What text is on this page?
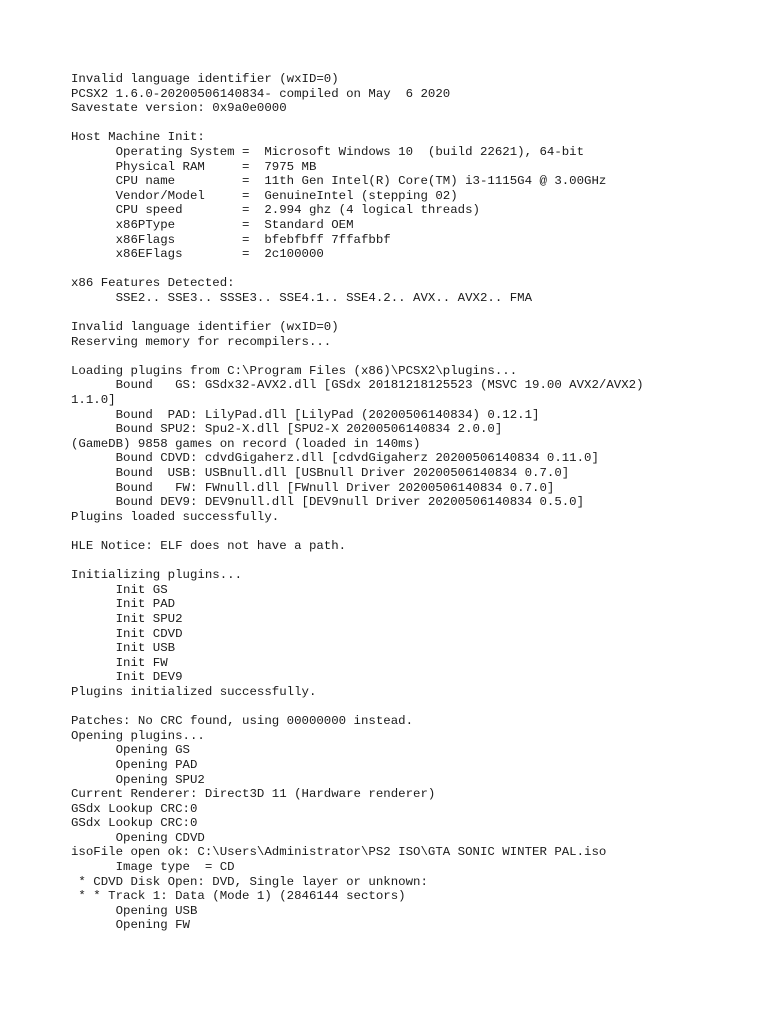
Invalid language identifier (wxID=0)
PCSX2 1.6.0-20200506140834- compiled on May  6 2020
Savestate version: 0x9a0e0000
Host Machine Init:
Operating System =  Microsoft Windows 10  (build 22621), 64-bit
Physical RAM     =  7975 MB
CPU name         =  11th Gen Intel(R) Core(TM) i3-1115G4 @ 3.00GHz
Vendor/Model     =  GenuineIntel (stepping 02)
CPU speed        =  2.994 ghz (4 logical threads)
x86PType         =  Standard OEM
x86Flags         =  bfebfbff 7ffafbbf
x86EFlags        =  2c100000
x86 Features Detected:
SSE2.. SSE3.. SSSE3.. SSE4.1.. SSE4.2.. AVX.. AVX2.. FMA
Invalid language identifier (wxID=0)
Reserving memory for recompilers...
Loading plugins from C:\Program Files (x86)\PCSX2\plugins...
Bound   GS: GSdx32-AVX2.dll [GSdx 20181218125523 (MSVC 19.00 AVX2/AVX2)
1.1.0]
Bound  PAD: LilyPad.dll [LilyPad (20200506140834) 0.12.1]
Bound SPU2: Spu2-X.dll [SPU2-X 20200506140834 2.0.0]
(GameDB) 9858 games on record (loaded in 140ms)
Bound CDVD: cdvdGigaherz.dll [cdvdGigaherz 20200506140834 0.11.0]
Bound  USB: USBnull.dll [USBnull Driver 20200506140834 0.7.0]
Bound   FW: FWnull.dll [FWnull Driver 20200506140834 0.7.0]
Bound DEV9: DEV9null.dll [DEV9null Driver 20200506140834 0.5.0]
Plugins loaded successfully.
HLE Notice: ELF does not have a path.
Initializing plugins...
Init GS
Init PAD
Init SPU2
Init CDVD
Init USB
Init FW
Init DEV9
Plugins initialized successfully.
Patches: No CRC found, using 00000000 instead.
Opening plugins...
Opening GS
Opening PAD
Opening SPU2
Current Renderer: Direct3D 11 (Hardware renderer)
GSdx Lookup CRC:0
GSdx Lookup CRC:0
Opening CDVD
isoFile open ok: C:\Users\Administrator\PS2 ISO\GTA SONIC WINTER PAL.iso
Image type  = CD
* CDVD Disk Open: DVD, Single layer or unknown:
* * Track 1: Data (Mode 1) (2846144 sectors)
Opening USB
Opening FW
